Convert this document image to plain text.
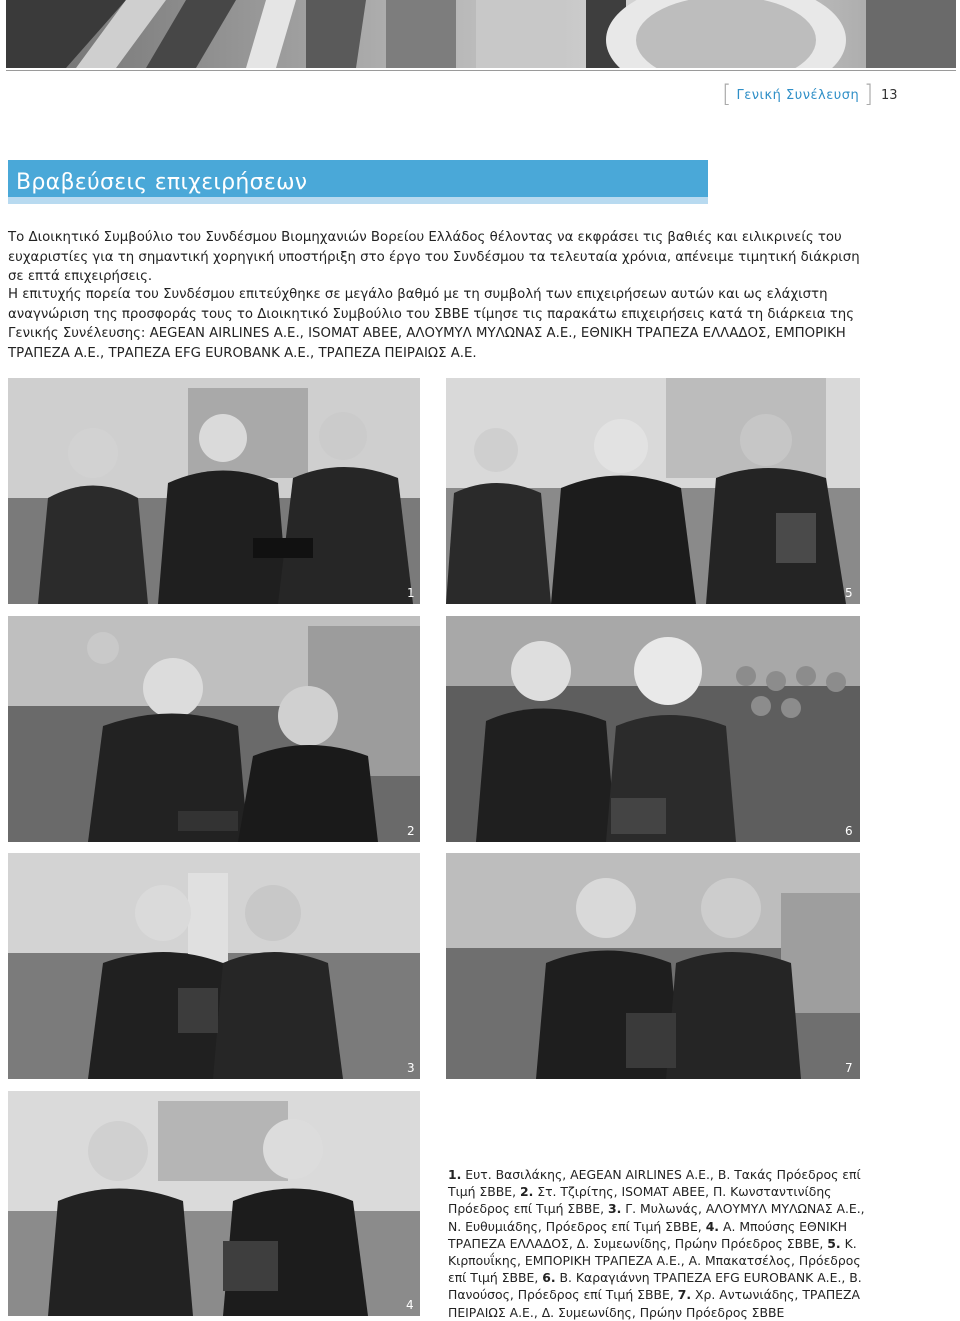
[ Γενική Συνέλευση ] 13
Βραβεύσεις επιχειρήσεων
Το Διοικητικό Συμβούλιο του Συνδέσμου Βιομηχανιών Βορείου Ελλάδος θέλοντας να εκφράσει τις βαθιές και ειλικρινείς του ευχαριστίες για τη σημαντική χορηγική υποστήριξη στο έργο του Συνδέσμου τα τελευταία χρόνια, απένειμε τιμητική διάκριση σε επτά επιχειρήσεις.
Η επιτυχής πορεία του Συνδέσμου επιτεύχθηκε σε μεγάλο βαθμό με τη συμβολή των επιχειρήσεων αυτών και ως ελάχιστη αναγνώριση της προσφοράς τους το Διοικητικό Συμβούλιο του ΣΒΒΕ τίμησε τις παρακάτω επιχειρήσεις κατά τη διάρκεια της Γενικής Συνέλευσης: AEGEAN AIRLINES Α.Ε., ISOMAT ΑΒΕΕ, ΑΛΟΥΜΥΛ ΜΥΛΩΝΑΣ Α.Ε., ΕΘΝΙΚΗ ΤΡΑΠΕΖΑ ΕΛΛΑΔΟΣ, ΕΜΠΟΡΙΚΗ ΤΡΑΠΕΖΑ Α.Ε., ΤΡΑΠΕΖΑ EFG EUROBANK Α.Ε., ΤΡΑΠΕΖΑ ΠΕΙΡΑΙΩΣ Α.Ε.
1	5
2	6
3	7
4
1. Ευτ. Βασιλάκης, AEGEAN AIRLINES Α.Ε., Β. Τακάς Πρόεδρος επί Τιμή ΣΒΒΕ, 2. Στ. Τζιρίτης, ISOMAT ΑΒΕΕ, Π. Κωνσταντινίδης Πρόεδρος επί Τιμή ΣΒΒΕ, 3. Γ. Μυλωνάς, ΑΛΟΥΜΥΛ ΜΥΛΩΝΑΣ Α.Ε., Ν. Ευθυμιάδης, Πρόεδρος επί Τιμή ΣΒΒΕ, 4. Α. Μπούσης ΕΘΝΙΚΗ ΤΡΑΠΕΖΑ ΕΛΛΑΔΟΣ, Δ. Συμεωνίδης, Πρώην Πρόεδρος ΣΒΒΕ, 5. Κ. Κιρπουΐκης, ΕΜΠΟΡΙΚΗ ΤΡΑΠΕΖΑ Α.Ε., Α. Μπακατσέλος, Πρόεδρος επί Τιμή ΣΒΒΕ, 6. Β. Καραγιάννη ΤΡΑΠΕΖΑ EFG EUROBANK Α.Ε., Β. Πανούσος, Πρόεδρος επί Τιμή ΣΒΒΕ, 7. Χρ. Αντωνιάδης, ΤΡΑΠΕΖΑ ΠΕΙΡΑΙΩΣ Α.Ε., Δ. Συμεωνίδης, Πρώην Πρόεδρος ΣΒΒΕ
